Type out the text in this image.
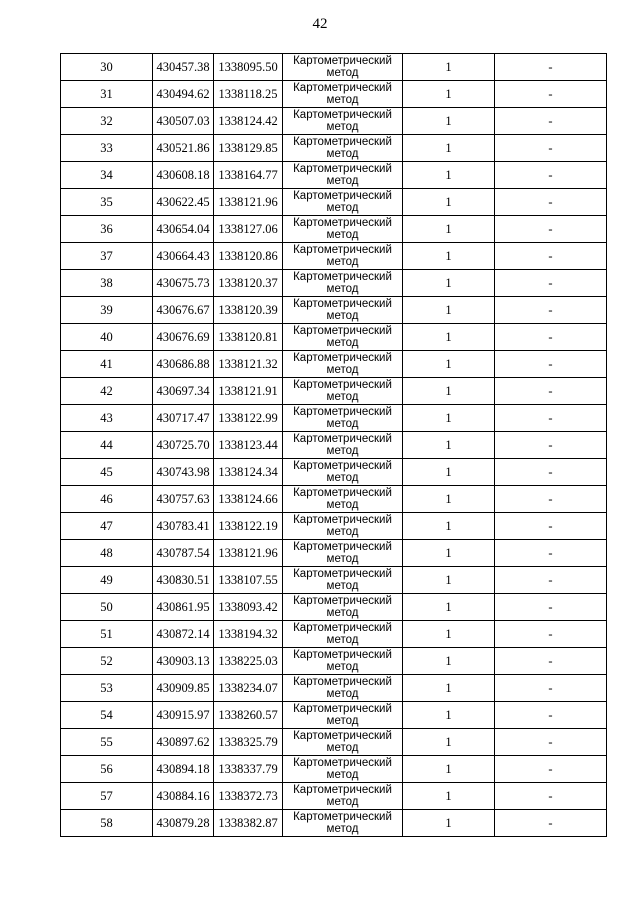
42
30	430457.38	1338095.50	Картометрический
метод	1	-
31	430494.62	1338118.25	Картометрический
метод	1	-
32	430507.03	1338124.42	Картометрический
метод	1	-
33	430521.86	1338129.85	Картометрический
метод	1	-
34	430608.18	1338164.77	Картометрический
метод	1	-
35	430622.45	1338121.96	Картометрический
метод	1	-
36	430654.04	1338127.06	Картометрический
метод	1	-
37	430664.43	1338120.86	Картометрический
метод	1	-
38	430675.73	1338120.37	Картометрический
метод	1	-
39	430676.67	1338120.39	Картометрический
метод	1	-
40	430676.69	1338120.81	Картометрический
метод	1	-
41	430686.88	1338121.32	Картометрический
метод	1	-
42	430697.34	1338121.91	Картометрический
метод	1	-
43	430717.47	1338122.99	Картометрический
метод	1	-
44	430725.70	1338123.44	Картометрический
метод	1	-
45	430743.98	1338124.34	Картометрический
метод	1	-
46	430757.63	1338124.66	Картометрический
метод	1	-
47	430783.41	1338122.19	Картометрический
метод	1	-
48	430787.54	1338121.96	Картометрический
метод	1	-
49	430830.51	1338107.55	Картометрический
метод	1	-
50	430861.95	1338093.42	Картометрический
метод	1	-
51	430872.14	1338194.32	Картометрический
метод	1	-
52	430903.13	1338225.03	Картометрический
метод	1	-
53	430909.85	1338234.07	Картометрический
метод	1	-
54	430915.97	1338260.57	Картометрический
метод	1	-
55	430897.62	1338325.79	Картометрический
метод	1	-
56	430894.18	1338337.79	Картометрический
метод	1	-
57	430884.16	1338372.73	Картометрический
метод	1	-
58	430879.28	1338382.87	Картометрический
метод	1	-
